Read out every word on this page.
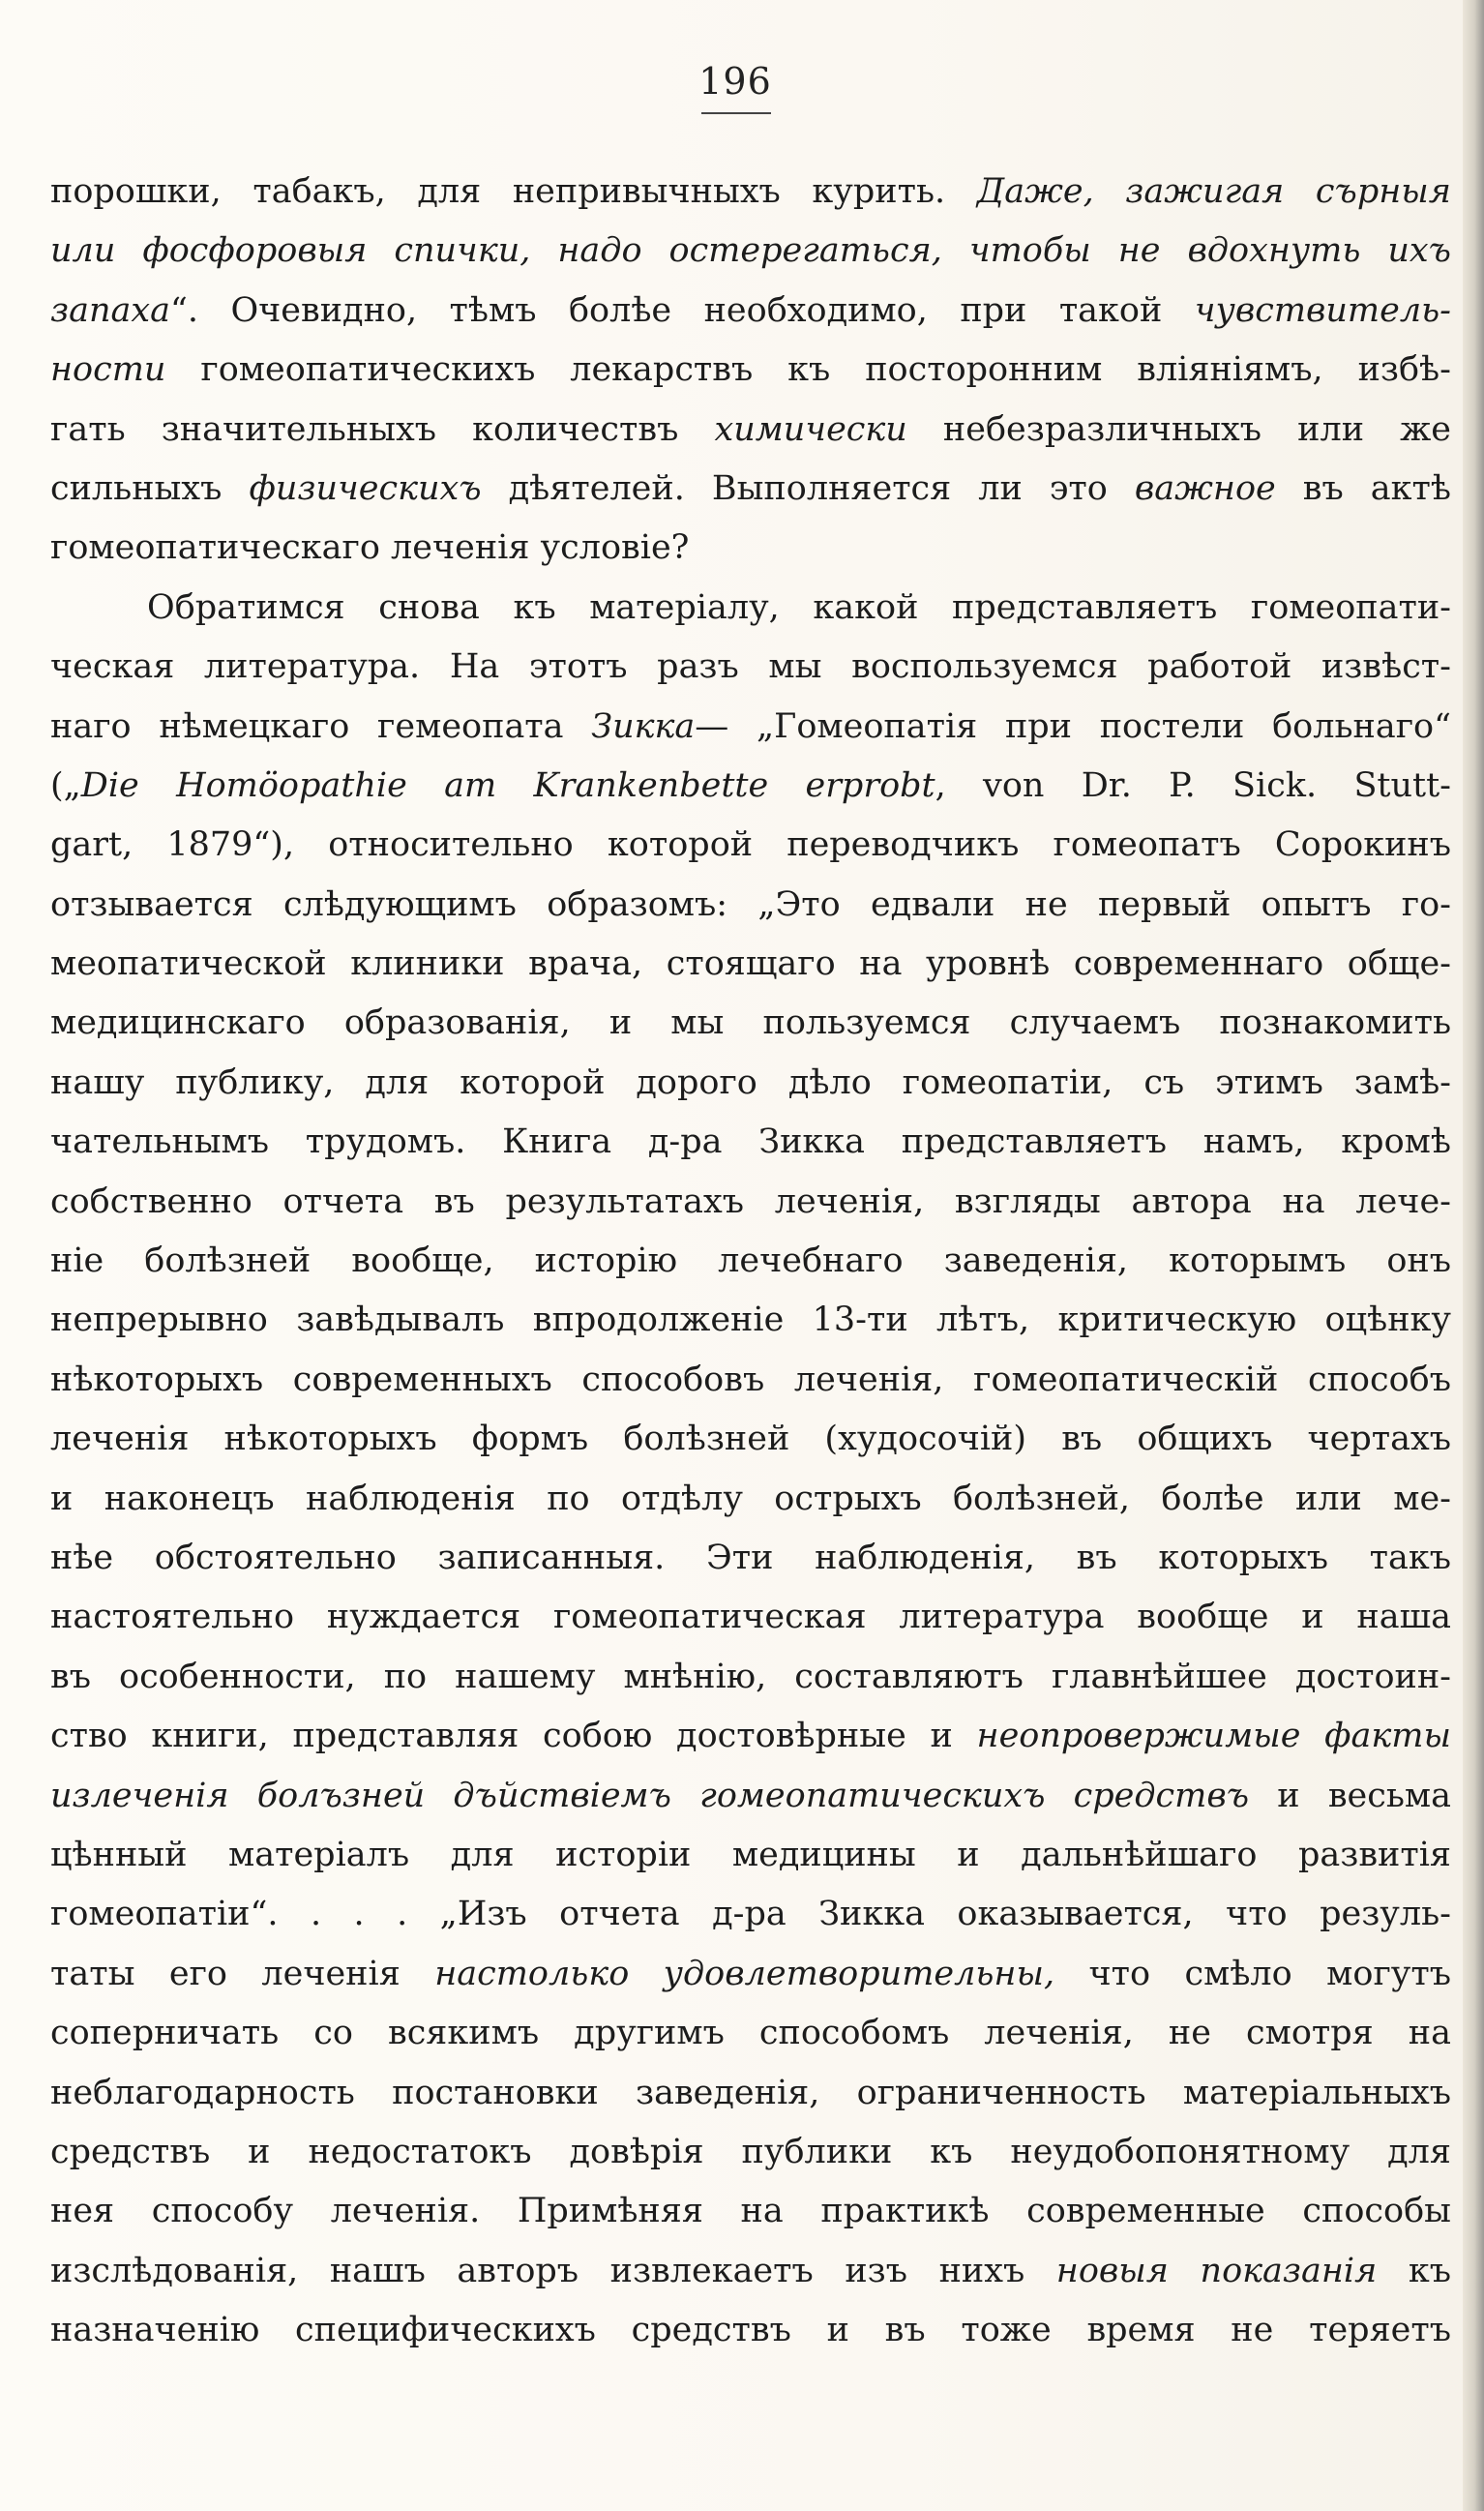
196
порошки, табакъ, для непривычныхъ курить. Даже, зажигая сърныя
или фосфоровыя спички, надо остерегаться, чтобы не вдохнуть ихъ
запаха“. Очевидно, тѣмъ болѣе необходимо, при такой чувствитель-
ности гомеопатическихъ лекарствъ къ посторонним вліяніямъ, избѣ-
гать значительныхъ количествъ химически небезразличныхъ или же
сильныхъ физическихъ дѣятелей. Выполняется ли это важное въ актѣ
гомеопатическаго леченія условіе?
Обратимся снова къ матеріалу, какой представляетъ гомеопати-
ческая литература. На этотъ разъ мы воспользуемся работой извѣст-
наго нѣмецкаго гемеопата Зикка— „Гомеопатія при постели больнаго“
(„Die Homöopathie am Krankenbette erprobt, von Dr. P. Sick. Stutt-
gart, 1879“), относительно которой переводчикъ гомеопатъ Сорокинъ
отзывается слѣдующимъ образомъ: „Это едвали не первый опытъ го-
меопатической клиники врача, стоящаго на уровнѣ современнаго обще-
медицинскаго образованія, и мы пользуемся случаемъ познакомить
нашу публику, для которой дорого дѣло гомеопатіи, съ этимъ замѣ-
чательнымъ трудомъ. Книга д-ра Зикка представляетъ намъ, кромѣ
собственно отчета въ результатахъ леченія, взгляды автора на лече-
ніе болѣзней вообще, исторію лечебнаго заведенія, которымъ онъ
непрерывно завѣдывалъ впродолженіе 13-ти лѣтъ, критическую оцѣнку
нѣкоторыхъ современныхъ способовъ леченія, гомеопатическій способъ
леченія нѣкоторыхъ формъ болѣзней (худосочій) въ общихъ чертахъ
и наконецъ наблюденія по отдѣлу острыхъ болѣзней, болѣе или ме-
нѣе обстоятельно записанныя. Эти наблюденія, въ которыхъ такъ
настоятельно нуждается гомеопатическая литература вообще и наша
въ особенности, по нашему мнѣнію, составляютъ главнѣйшее достоин-
ство книги, представляя собою достовѣрные и неопровержимые факты
излеченія болъзней дъйствіемъ гомеопатическихъ средствъ и весьма
цѣнный матеріалъ для исторіи медицины и дальнѣйшаго развитія
гомеопатіи“. . . . „Изъ отчета д-ра Зикка оказывается, что резуль-
таты его леченія настолько удовлетворительны, что смѣло могутъ
соперничать со всякимъ другимъ способомъ леченія, не смотря на
неблагодарность постановки заведенія, ограниченность матеріальныхъ
средствъ и недостатокъ довѣрія публики къ неудобопонятному для
нея способу леченія. Примѣняя на практикѣ современные способы
изслѣдованія, нашъ авторъ извлекаетъ изъ нихъ новыя показанія къ
назначенію специфическихъ средствъ и въ тоже время не теряетъ
